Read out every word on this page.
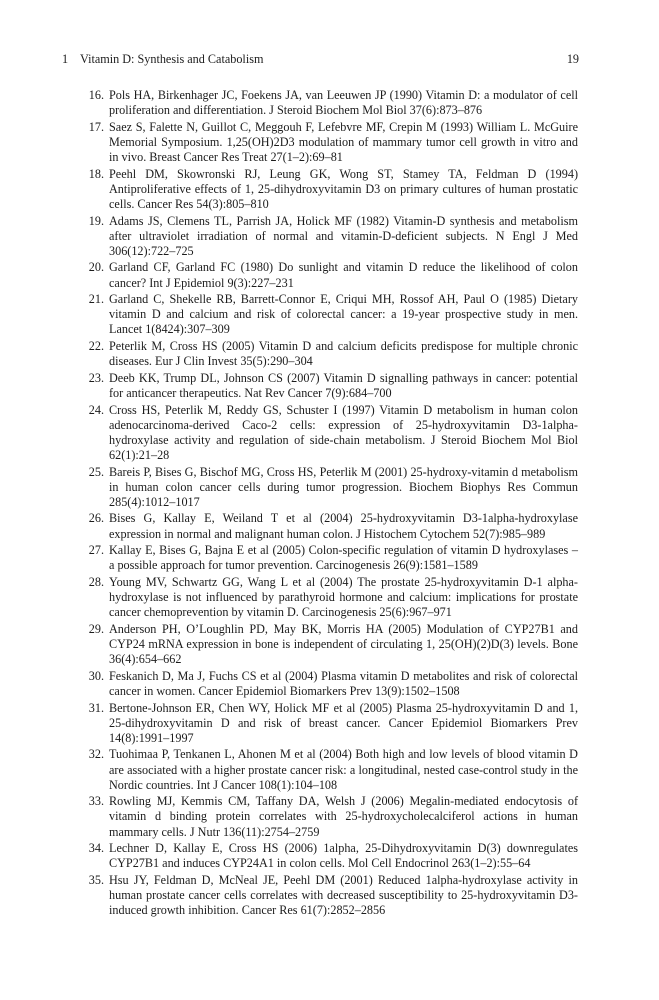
1 Vitamin D: Synthesis and Catabolism	19
16. Pols HA, Birkenhager JC, Foekens JA, van Leeuwen JP (1990) Vitamin D: a modulator of cell proliferation and differentiation. J Steroid Biochem Mol Biol 37(6):873–876
17. Saez S, Falette N, Guillot C, Meggouh F, Lefebvre MF, Crepin M (1993) William L. McGuire Memorial Symposium. 1,25(OH)2D3 modulation of mammary tumor cell growth in vitro and in vivo. Breast Cancer Res Treat 27(1–2):69–81
18. Peehl DM, Skowronski RJ, Leung GK, Wong ST, Stamey TA, Feldman D (1994) Antiproliferative effects of 1, 25-dihydroxyvitamin D3 on primary cultures of human prostatic cells. Cancer Res 54(3):805–810
19. Adams JS, Clemens TL, Parrish JA, Holick MF (1982) Vitamin-D synthesis and metabolism after ultraviolet irradiation of normal and vitamin-D-deficient subjects. N Engl J Med 306(12):722–725
20. Garland CF, Garland FC (1980) Do sunlight and vitamin D reduce the likelihood of colon cancer? Int J Epidemiol 9(3):227–231
21. Garland C, Shekelle RB, Barrett-Connor E, Criqui MH, Rossof AH, Paul O (1985) Dietary vitamin D and calcium and risk of colorectal cancer: a 19-year prospective study in men. Lancet 1(8424):307–309
22. Peterlik M, Cross HS (2005) Vitamin D and calcium deficits predispose for multiple chronic diseases. Eur J Clin Invest 35(5):290–304
23. Deeb KK, Trump DL, Johnson CS (2007) Vitamin D signalling pathways in cancer: potential for anticancer therapeutics. Nat Rev Cancer 7(9):684–700
24. Cross HS, Peterlik M, Reddy GS, Schuster I (1997) Vitamin D metabolism in human colon adenocarcinoma-derived Caco-2 cells: expression of 25-hydroxyvitamin D3-1alpha-hydroxylase activity and regulation of side-chain metabolism. J Steroid Biochem Mol Biol 62(1):21–28
25. Bareis P, Bises G, Bischof MG, Cross HS, Peterlik M (2001) 25-hydroxy-vitamin d metabolism in human colon cancer cells during tumor progression. Biochem Biophys Res Commun 285(4):1012–1017
26. Bises G, Kallay E, Weiland T et al (2004) 25-hydroxyvitamin D3-1alpha-hydroxylase expression in normal and malignant human colon. J Histochem Cytochem 52(7):985–989
27. Kallay E, Bises G, Bajna E et al (2005) Colon-specific regulation of vitamin D hydroxylases – a possible approach for tumor prevention. Carcinogenesis 26(9):1581–1589
28. Young MV, Schwartz GG, Wang L et al (2004) The prostate 25-hydroxyvitamin D-1 alpha-hydroxylase is not influenced by parathyroid hormone and calcium: implications for prostate cancer chemoprevention by vitamin D. Carcinogenesis 25(6):967–971
29. Anderson PH, O’Loughlin PD, May BK, Morris HA (2005) Modulation of CYP27B1 and CYP24 mRNA expression in bone is independent of circulating 1, 25(OH)(2)D(3) levels. Bone 36(4):654–662
30. Feskanich D, Ma J, Fuchs CS et al (2004) Plasma vitamin D metabolites and risk of colorectal cancer in women. Cancer Epidemiol Biomarkers Prev 13(9):1502–1508
31. Bertone-Johnson ER, Chen WY, Holick MF et al (2005) Plasma 25-hydroxyvitamin D and 1, 25-dihydroxyvitamin D and risk of breast cancer. Cancer Epidemiol Biomarkers Prev 14(8):1991–1997
32. Tuohimaa P, Tenkanen L, Ahonen M et al (2004) Both high and low levels of blood vitamin D are associated with a higher prostate cancer risk: a longitudinal, nested case-control study in the Nordic countries. Int J Cancer 108(1):104–108
33. Rowling MJ, Kemmis CM, Taffany DA, Welsh J (2006) Megalin-mediated endocytosis of vitamin d binding protein correlates with 25-hydroxycholecalciferol actions in human mammary cells. J Nutr 136(11):2754–2759
34. Lechner D, Kallay E, Cross HS (2006) 1alpha, 25-Dihydroxyvitamin D(3) downregulates CYP27B1 and induces CYP24A1 in colon cells. Mol Cell Endocrinol 263(1–2):55–64
35. Hsu JY, Feldman D, McNeal JE, Peehl DM (2001) Reduced 1alpha-hydroxylase activity in human prostate cancer cells correlates with decreased susceptibility to 25-hydroxyvitamin D3-induced growth inhibition. Cancer Res 61(7):2852–2856
